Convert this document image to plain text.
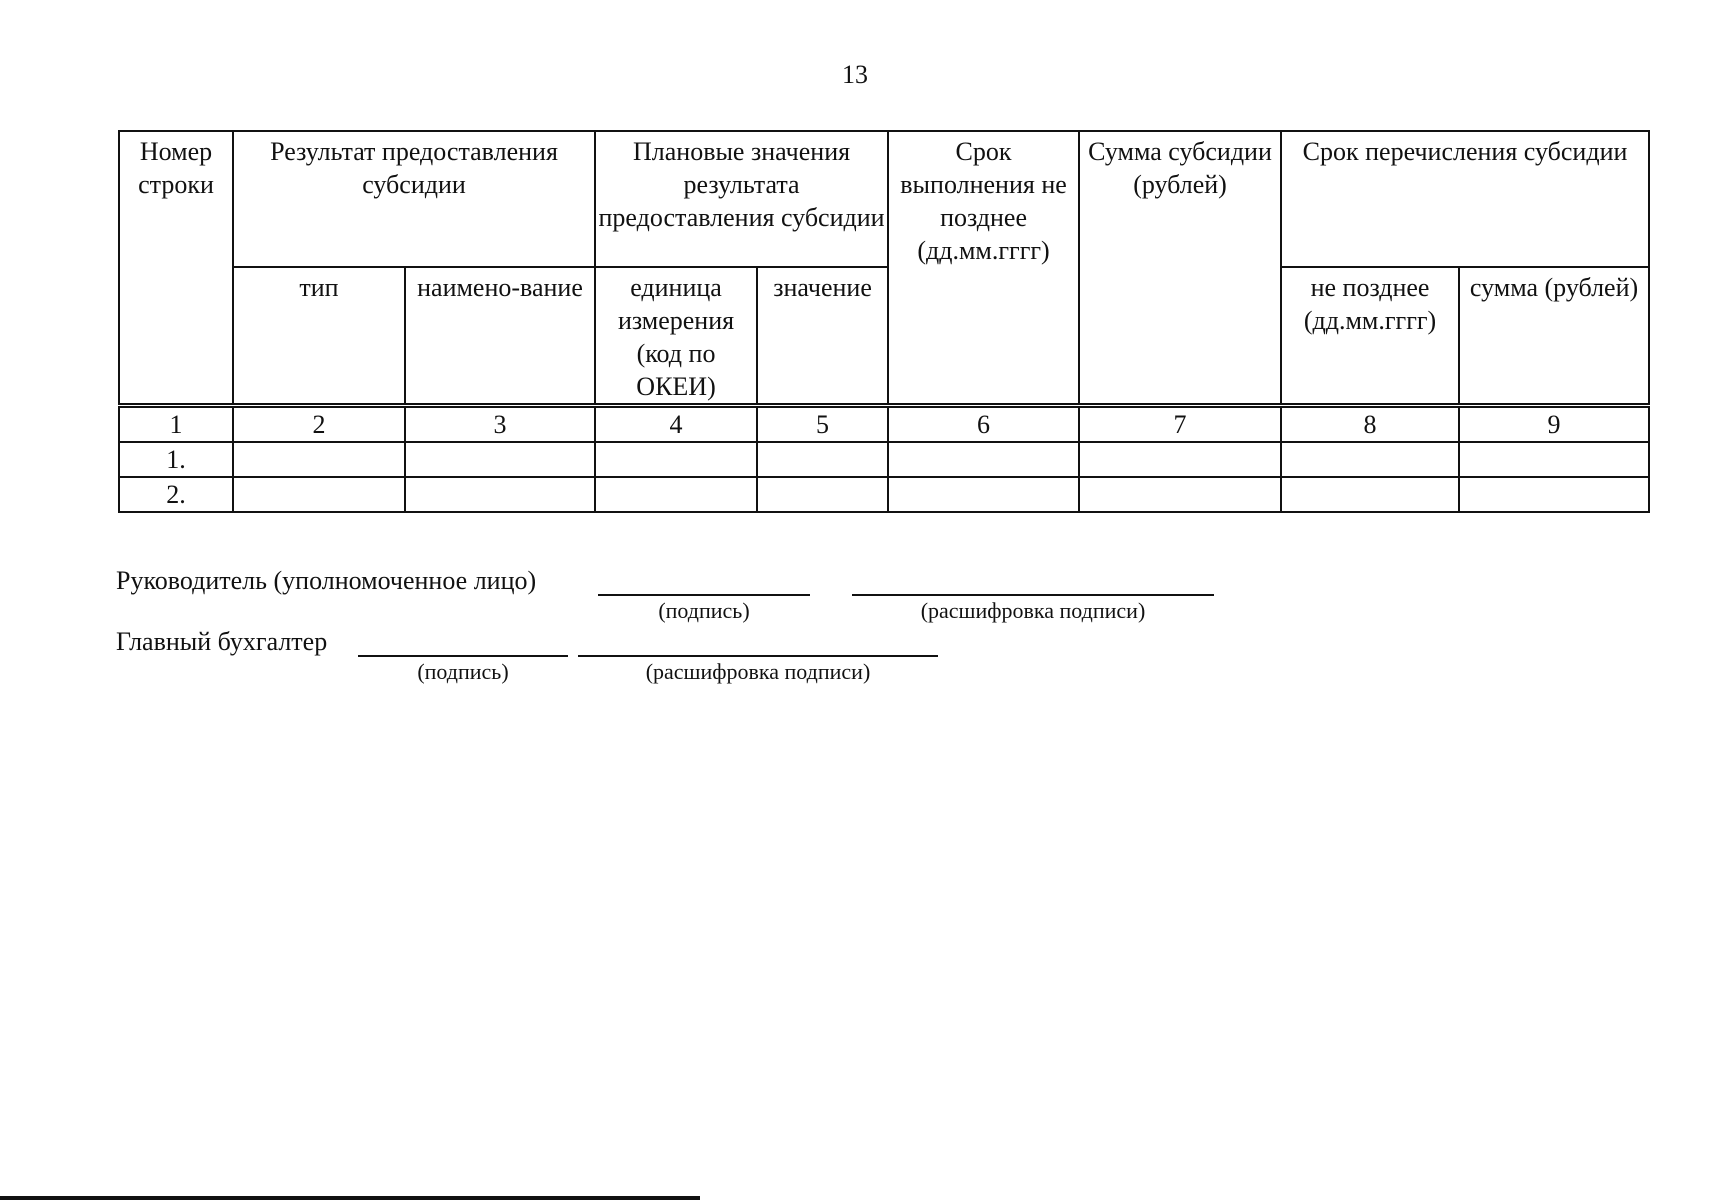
13
Номер строки	Результат предоставления субсидии		Плановые значения результата предоставления субсидии		Срок выполнения не позднее (дд.мм.гггг)	Сумма субсидии (рублей)	Срок перечисления субсидии	
	тип	наимено-вание	единица измерения (код по ОКЕИ)	значение			не позднее (дд.мм.гггг)	сумма (рублей)
1	2	3	4	5	6	7	8	9
1.								
2.								
Руководитель (уполномоченное лицо)
(подпись)	(расшифровка подписи)
Главный бухгалтер
(подпись)	(расшифровка подписи)
